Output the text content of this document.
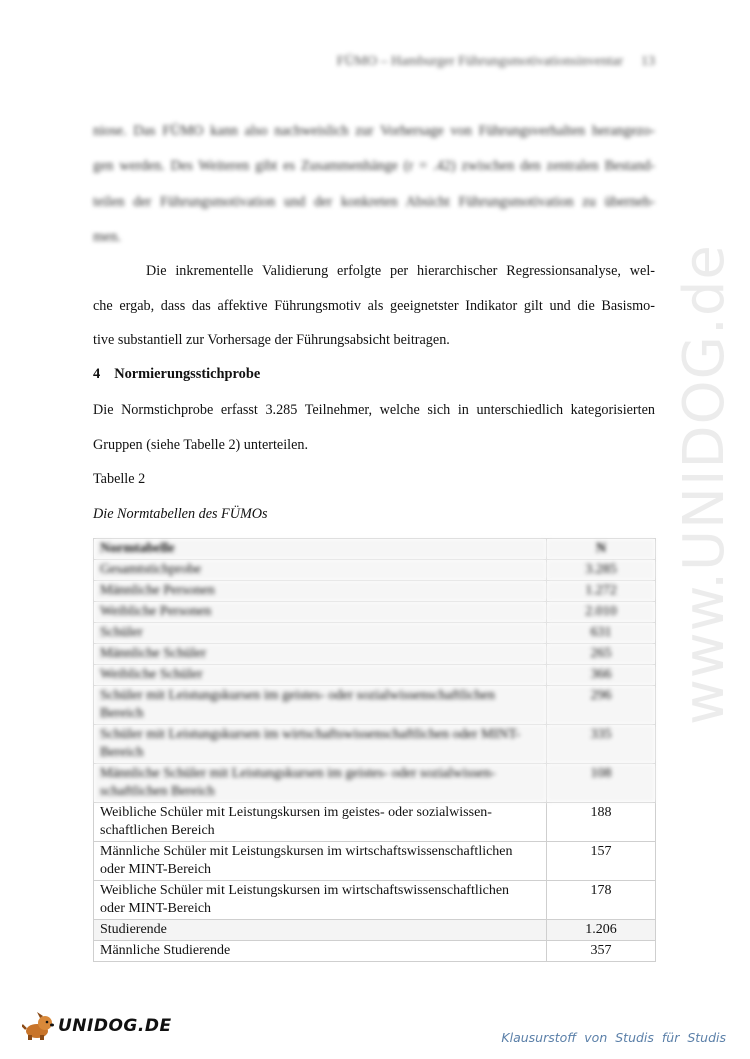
FÜMO – Hamburger Führungsmotivationsinventar 13
niose. Das FÜMO kann also nachweislich zur Vorhersage von Führungsverhalten herangezo-
gen werden. Des Weiteren gibt es Zusammenhänge (r = .42) zwischen den zentralen Bestand-
teilen der Führungsmotivation und der konkreten Absicht Führungsmotivation zu überneh-
men.
Die inkrementelle Validierung erfolgte per hierarchischer Regressionsanalyse, wel-
che ergab, dass das affektive Führungsmotiv als geeignetster Indikator gilt und die Basismo-
tive substantiell zur Vorhersage der Führungsabsicht beitragen.
4 Normierungsstichprobe
Die Normstichprobe erfasst 3.285 Teilnehmer, welche sich in unterschiedlich kategorisierten
Gruppen (siehe Tabelle 2) unterteilen.
Tabelle 2
Die Normtabellen des FÜMOs
Normtabelle	N
Gesamtstichprobe	3.285
Männliche Personen	1.272
Weibliche Personen	2.010
Schüler	631
Männliche Schüler	265
Weibliche Schüler	366
Schüler mit Leistungskursen im geistes- oder sozialwissenschaftlichen Bereich	296
Schüler mit Leistungskursen im wirtschaftswissenschaftlichen oder MINT-Bereich	335
Männliche Schüler mit Leistungskursen im geistes- oder sozialwissen-schaftlichen Bereich	108
Weibliche Schüler mit Leistungskursen im geistes- oder sozialwissen-
schaftlichen Bereich	188
Männliche Schüler mit Leistungskursen im wirtschaftswissenschaftlichen
oder MINT-Bereich	157
Weibliche Schüler mit Leistungskursen im wirtschaftswissenschaftlichen
oder MINT-Bereich	178
Studierende	1.206
Männliche Studierende	357
www.UNIDOG.de
UNIDOG.DE
Klausurstoff von Studis für Studis
